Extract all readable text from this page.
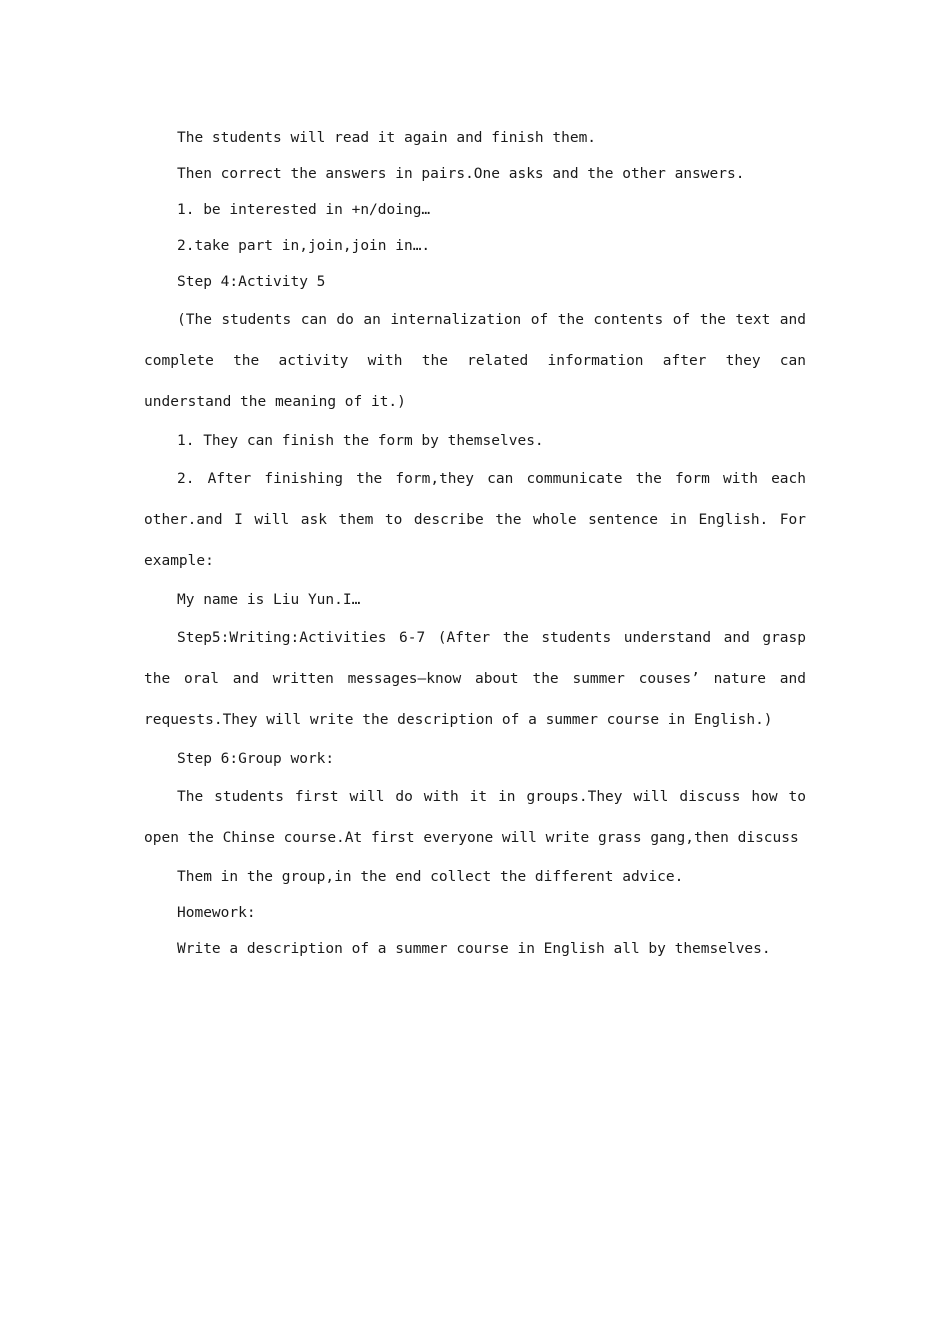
The students will read it again and finish them.

Then correct the answers in pairs.One asks and the other answers.

1. be interested in +n/doing…

2.take part in,join,join in….

Step 4:Activity 5

(The students can do an internalization of the contents of the text and complete the activity with the related information after they can understand the meaning of it.)

1. They can finish the form by themselves.

2. After finishing the form,they can communicate the form with each other.and I will ask them to describe the whole sentence in English. For example:

My name is Liu Yun.I…

Step5:Writing:Activities 6-7 (After the students understand and grasp the oral and written messages—know about the summer couses’ nature and requests.They will write the description of a summer course in English.)

Step 6:Group work:

The students first will do with it in groups.They will discuss how to open the Chinse course.At first everyone will write grass gang,then discuss

Them in the group,in the end collect the different advice.

Homework:

Write a description of a summer course in English all by themselves.
